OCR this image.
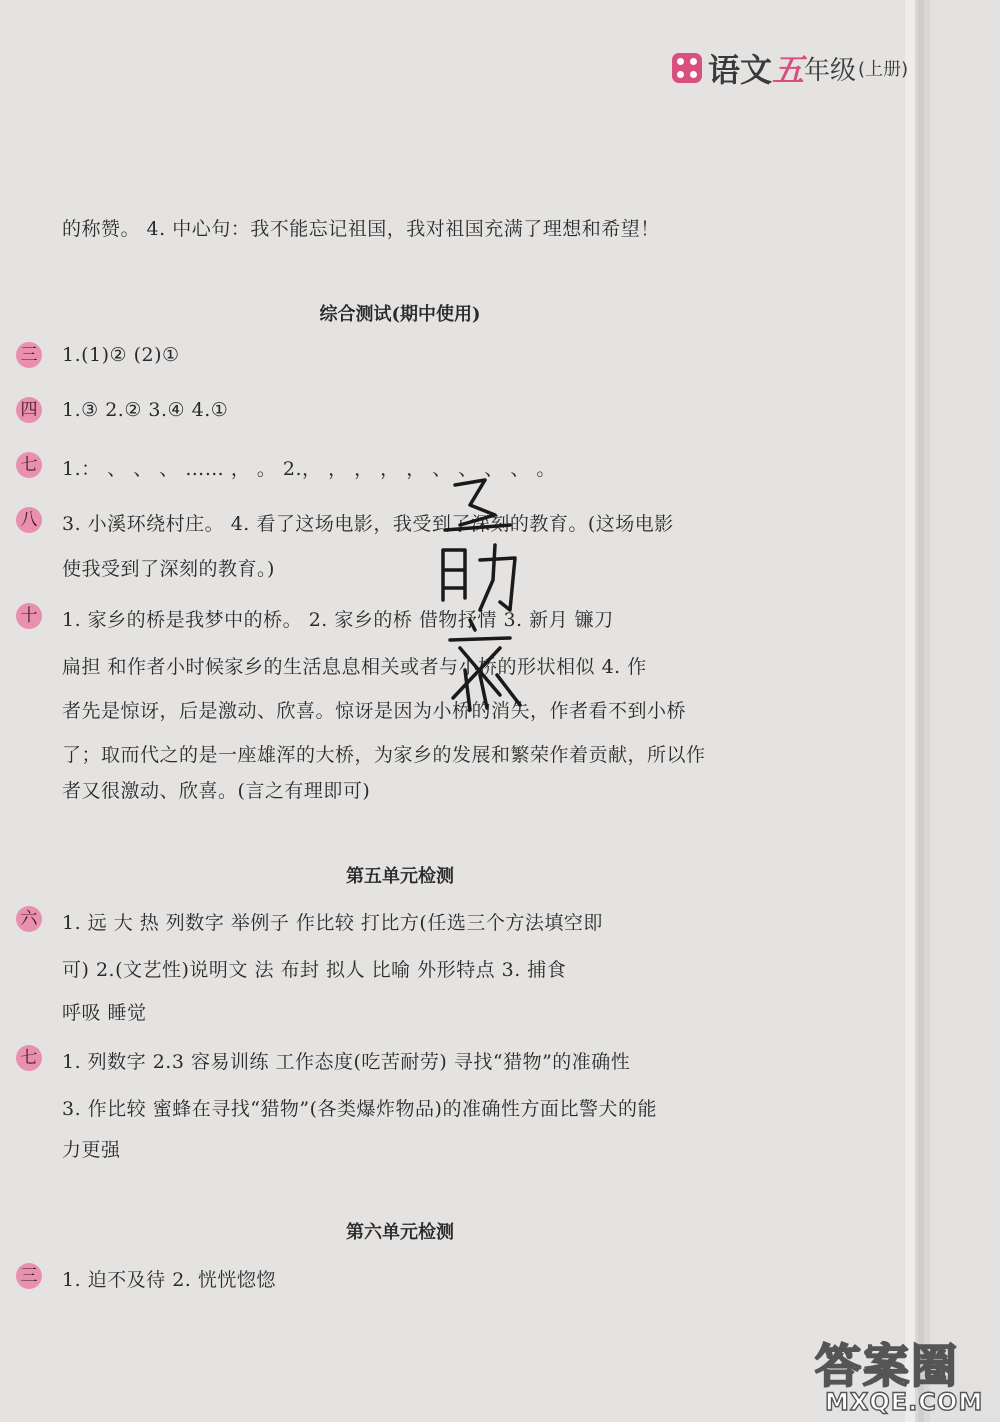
语文 五 年级 (上册)
的称赞。 4. 中心句：我不能忘记祖国，我对祖国充满了理想和希望！
综合测试(期中使用)
三 1.(1)② (2)①
四 1.③ 2.② 3.④ 4.①
七 1.： 、 、 、 …… ， 。 2.， ， ， ， ， 、 、 、 、 。
八 3. 小溪环绕村庄。 4. 看了这场电影，我受到了深刻的教育。(这场电影
使我受到了深刻的教育。)
十 1. 家乡的桥是我梦中的桥。 2. 家乡的桥 借物抒情 3. 新月 镰刀
扁担 和作者小时候家乡的生活息息相关或者与小桥的形状相似 4. 作
者先是惊讶，后是激动、欣喜。惊讶是因为小桥的消失，作者看不到小桥
了；取而代之的是一座雄浑的大桥，为家乡的发展和繁荣作着贡献，所以作
者又很激动、欣喜。(言之有理即可)
第五单元检测
六 1. 远 大 热 列数字 举例子 作比较 打比方(任选三个方法填空即
可) 2.(文艺性)说明文 法 布封 拟人 比喻 外形特点 3. 捕食
呼吸 睡觉
七 1. 列数字 2.3 容易训练 工作态度(吃苦耐劳) 寻找“猎物”的准确性
3. 作比较 蜜蜂在寻找“猎物”(各类爆炸物品)的准确性方面比警犬的能
力更强
第六单元检测
三 1. 迫不及待 2. 恍恍惚惚
答案圈
MXQE.COM
